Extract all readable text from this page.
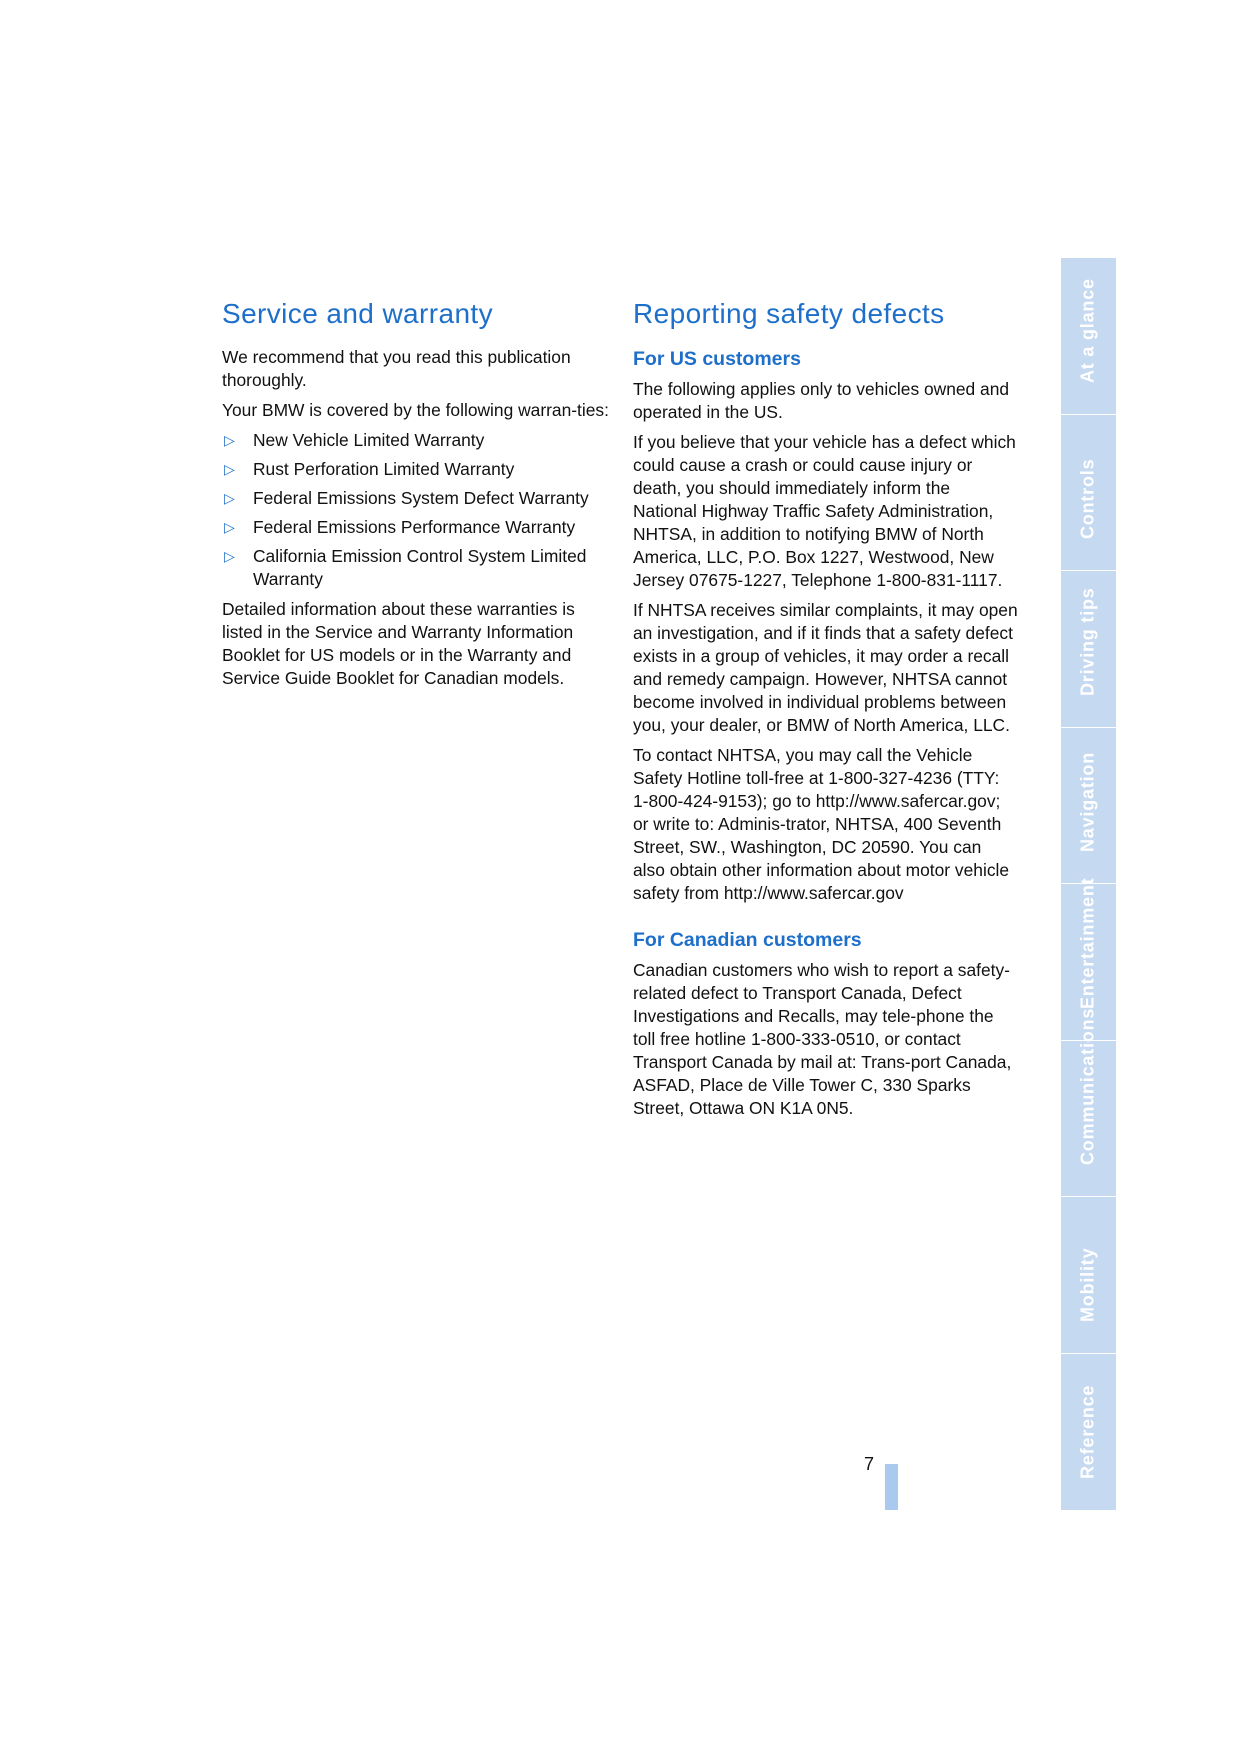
Service and warranty

We recommend that you read this publication thoroughly.

Your BMW is covered by the following warran-ties:

▷ New Vehicle Limited Warranty
▷ Rust Perforation Limited Warranty
▷ Federal Emissions System Defect Warranty
▷ Federal Emissions Performance Warranty
▷ California Emission Control System Limited Warranty

Detailed information about these warranties is listed in the Service and Warranty Information Booklet for US models or in the Warranty and Service Guide Booklet for Canadian models.

Reporting safety defects
For US customers

The following applies only to vehicles owned and operated in the US.

If you believe that your vehicle has a defect which could cause a crash or could cause injury or death, you should immediately inform the National Highway Traffic Safety Administration, NHTSA, in addition to notifying BMW of North America, LLC, P.O. Box 1227, Westwood, New Jersey 07675-1227, Telephone 1-800-831-1117.

If NHTSA receives similar complaints, it may open an investigation, and if it finds that a safety defect exists in a group of vehicles, it may order a recall and remedy campaign. However, NHTSA cannot become involved in individual problems between you, your dealer, or BMW of North America, LLC.

To contact NHTSA, you may call the Vehicle Safety Hotline toll-free at 1-800-327-4236 (TTY: 1-800-424-9153); go to http://www.safercar.gov; or write to: Adminis-trator, NHTSA, 400 Seventh Street, SW., Washington, DC 20590. You can also obtain other information about motor vehicle safety from http://www.safercar.gov

For Canadian customers

Canadian customers who wish to report a safety-related defect to Transport Canada, Defect Investigations and Recalls, may tele-phone the toll free hotline 1-800-333-0510, or contact Transport Canada by mail at: Trans-port Canada, ASFAD, Place de Ville Tower C, 330 Sparks Street, Ottawa ON K1A 0N5.

At a glance
Controls
Driving tips
Navigation
Entertainment
Communications
Mobility
Reference
7
